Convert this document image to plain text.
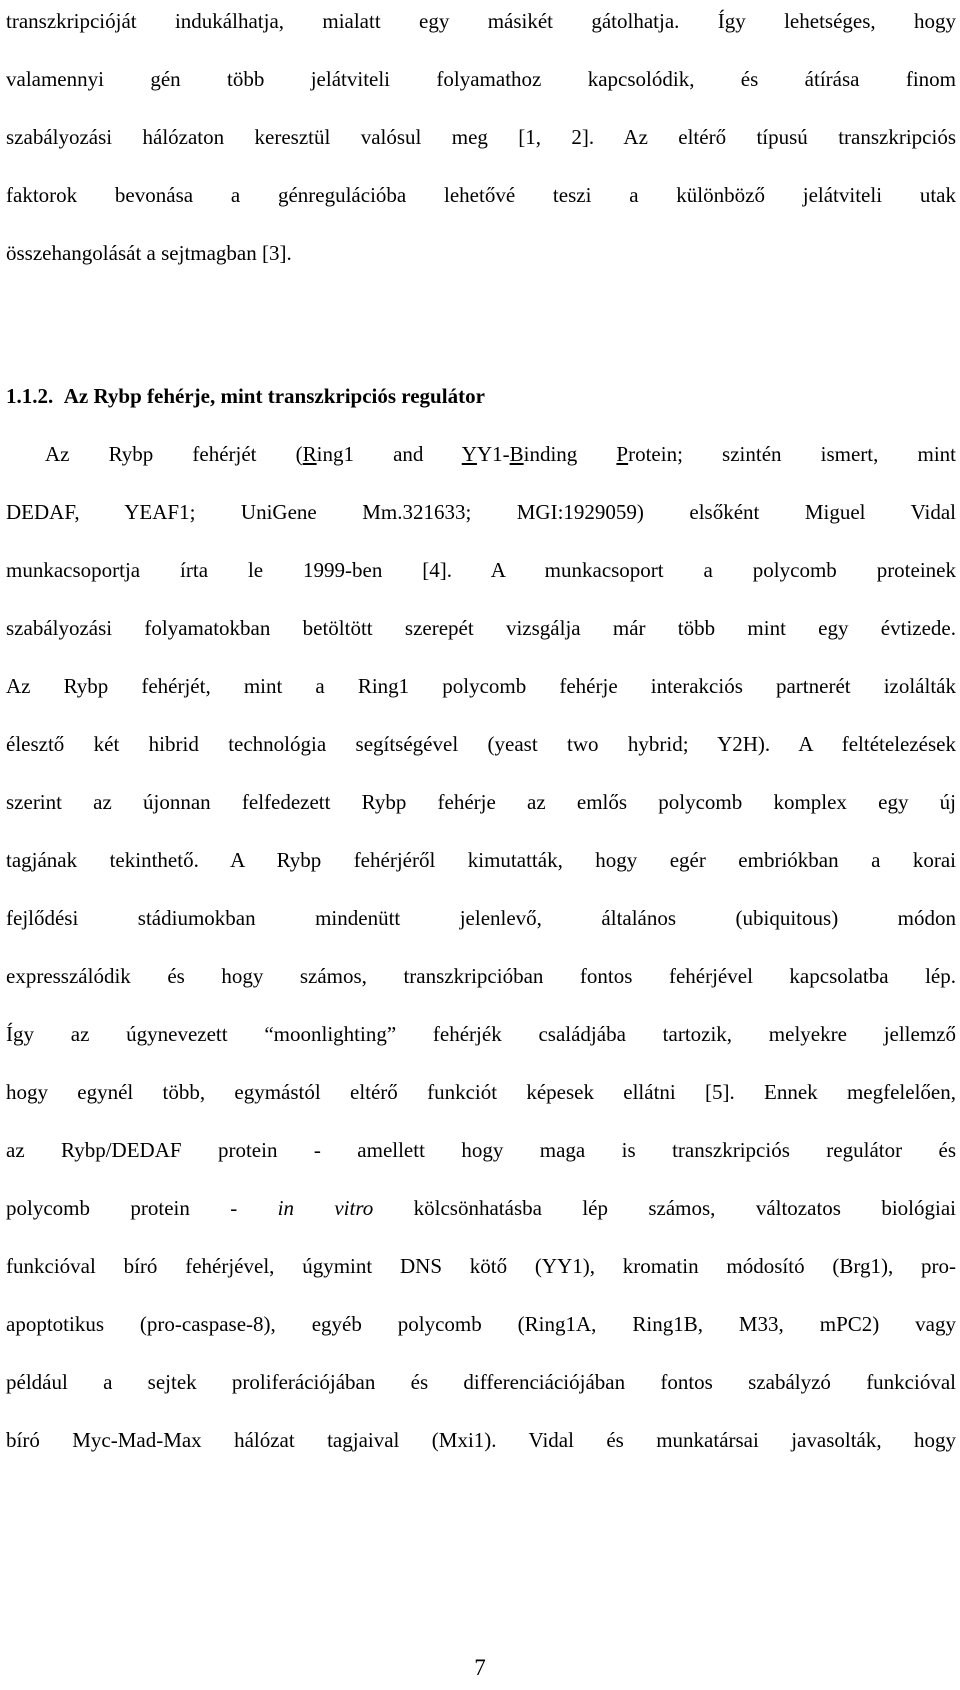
transzkripcióját indukálhatja, mialatt egy másikét gátolhatja. Így lehetséges, hogy
valamennyi gén több jelátviteli folyamathoz kapcsolódik, és átírása finom
szabályozási hálózaton keresztül valósul meg [1, 2]. Az eltérő típusú transzkripciós
faktorok bevonása a génregulációba lehetővé teszi a különböző jelátviteli utak
összehangolását a sejtmagban [3].
1.1.2. Az Rybp fehérje, mint transzkripciós regulátor
Az Rybp fehérjét (Ring1 and YY1-Binding Protein; szintén ismert, mint
DEDAF, YEAF1; UniGene Mm.321633; MGI:1929059) elsőként Miguel Vidal
munkacsoportja írta le 1999-ben [4]. A munkacsoport a polycomb proteinek
szabályozási folyamatokban betöltött szerepét vizsgálja már több mint egy évtizede.
Az Rybp fehérjét, mint a Ring1 polycomb fehérje interakciós partnerét izolálták
élesztő két hibrid technológia segítségével (yeast two hybrid; Y2H). A feltételezések
szerint az újonnan felfedezett Rybp fehérje az emlős polycomb komplex egy új
tagjának tekinthető. A Rybp fehérjéről kimutatták, hogy egér embriókban a korai
fejlődési stádiumokban mindenütt jelenlevő, általános (ubiquitous) módon
expresszálódik és hogy számos, transzkripcióban fontos fehérjével kapcsolatba lép.
Így az úgynevezett “moonlighting” fehérjék családjába tartozik, melyekre jellemző
hogy egynél több, egymástól eltérő funkciót képesek ellátni [5]. Ennek megfelelően,
az Rybp/DEDAF protein - amellett hogy maga is transzkripciós regulátor és
polycomb protein - in vitro kölcsönhatásba lép számos, változatos biológiai
funkcióval bíró fehérjével, úgymint DNS kötő (YY1), kromatin módosító (Brg1), pro-
apoptotikus (pro-caspase-8), egyéb polycomb (Ring1A, Ring1B, M33, mPC2) vagy
például a sejtek proliferációjában és differenciációjában fontos szabályzó funkcióval
bíró Myc-Mad-Max hálózat tagjaival (Mxi1). Vidal és munkatársai javasolták, hogy
7
